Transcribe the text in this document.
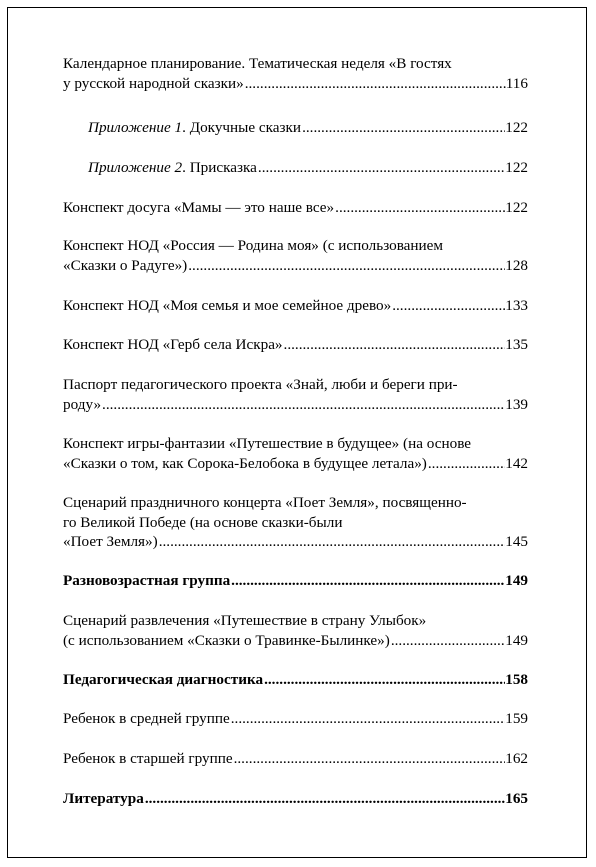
Календарное планирование. Тематическая неделя «В гостях
у русской народной сказки» . . .	116
Приложение 1. Докучные сказки . . .	122
Приложение 2. Присказка . . .	122
Конспект досуга «Мамы — это наше все» . . .	122
Конспект НОД «Россия — Родина моя» (с использованием
«Сказки о Радуге») . . .	128
Конспект НОД «Моя семья и мое семейное древо» . . .	133
Конспект НОД «Герб села Искра» . . .	135
Паспорт педагогического проекта «Знай, люби и береги при-
роду» . . .	139
Конспект игры-фантазии «Путешествие в будущее» (на основе
«Сказки о том, как Сорока-Белобока в будущее летала») . . .	142
Сценарий праздничного концерта «Поет Земля», посвященно-
го Великой Победе (на основе сказки-были
«Поет Земля») . . .	145
Разновозрастная группа . . .	149
Сценарий развлечения «Путешествие в страну Улыбок»
(с использованием «Сказки о Травинке-Былинке») . . .	149
Педагогическая диагностика . . .	158
Ребенок в средней группе . . .	159
Ребенок в старшей группе . . .	162
Литература . . .	165
